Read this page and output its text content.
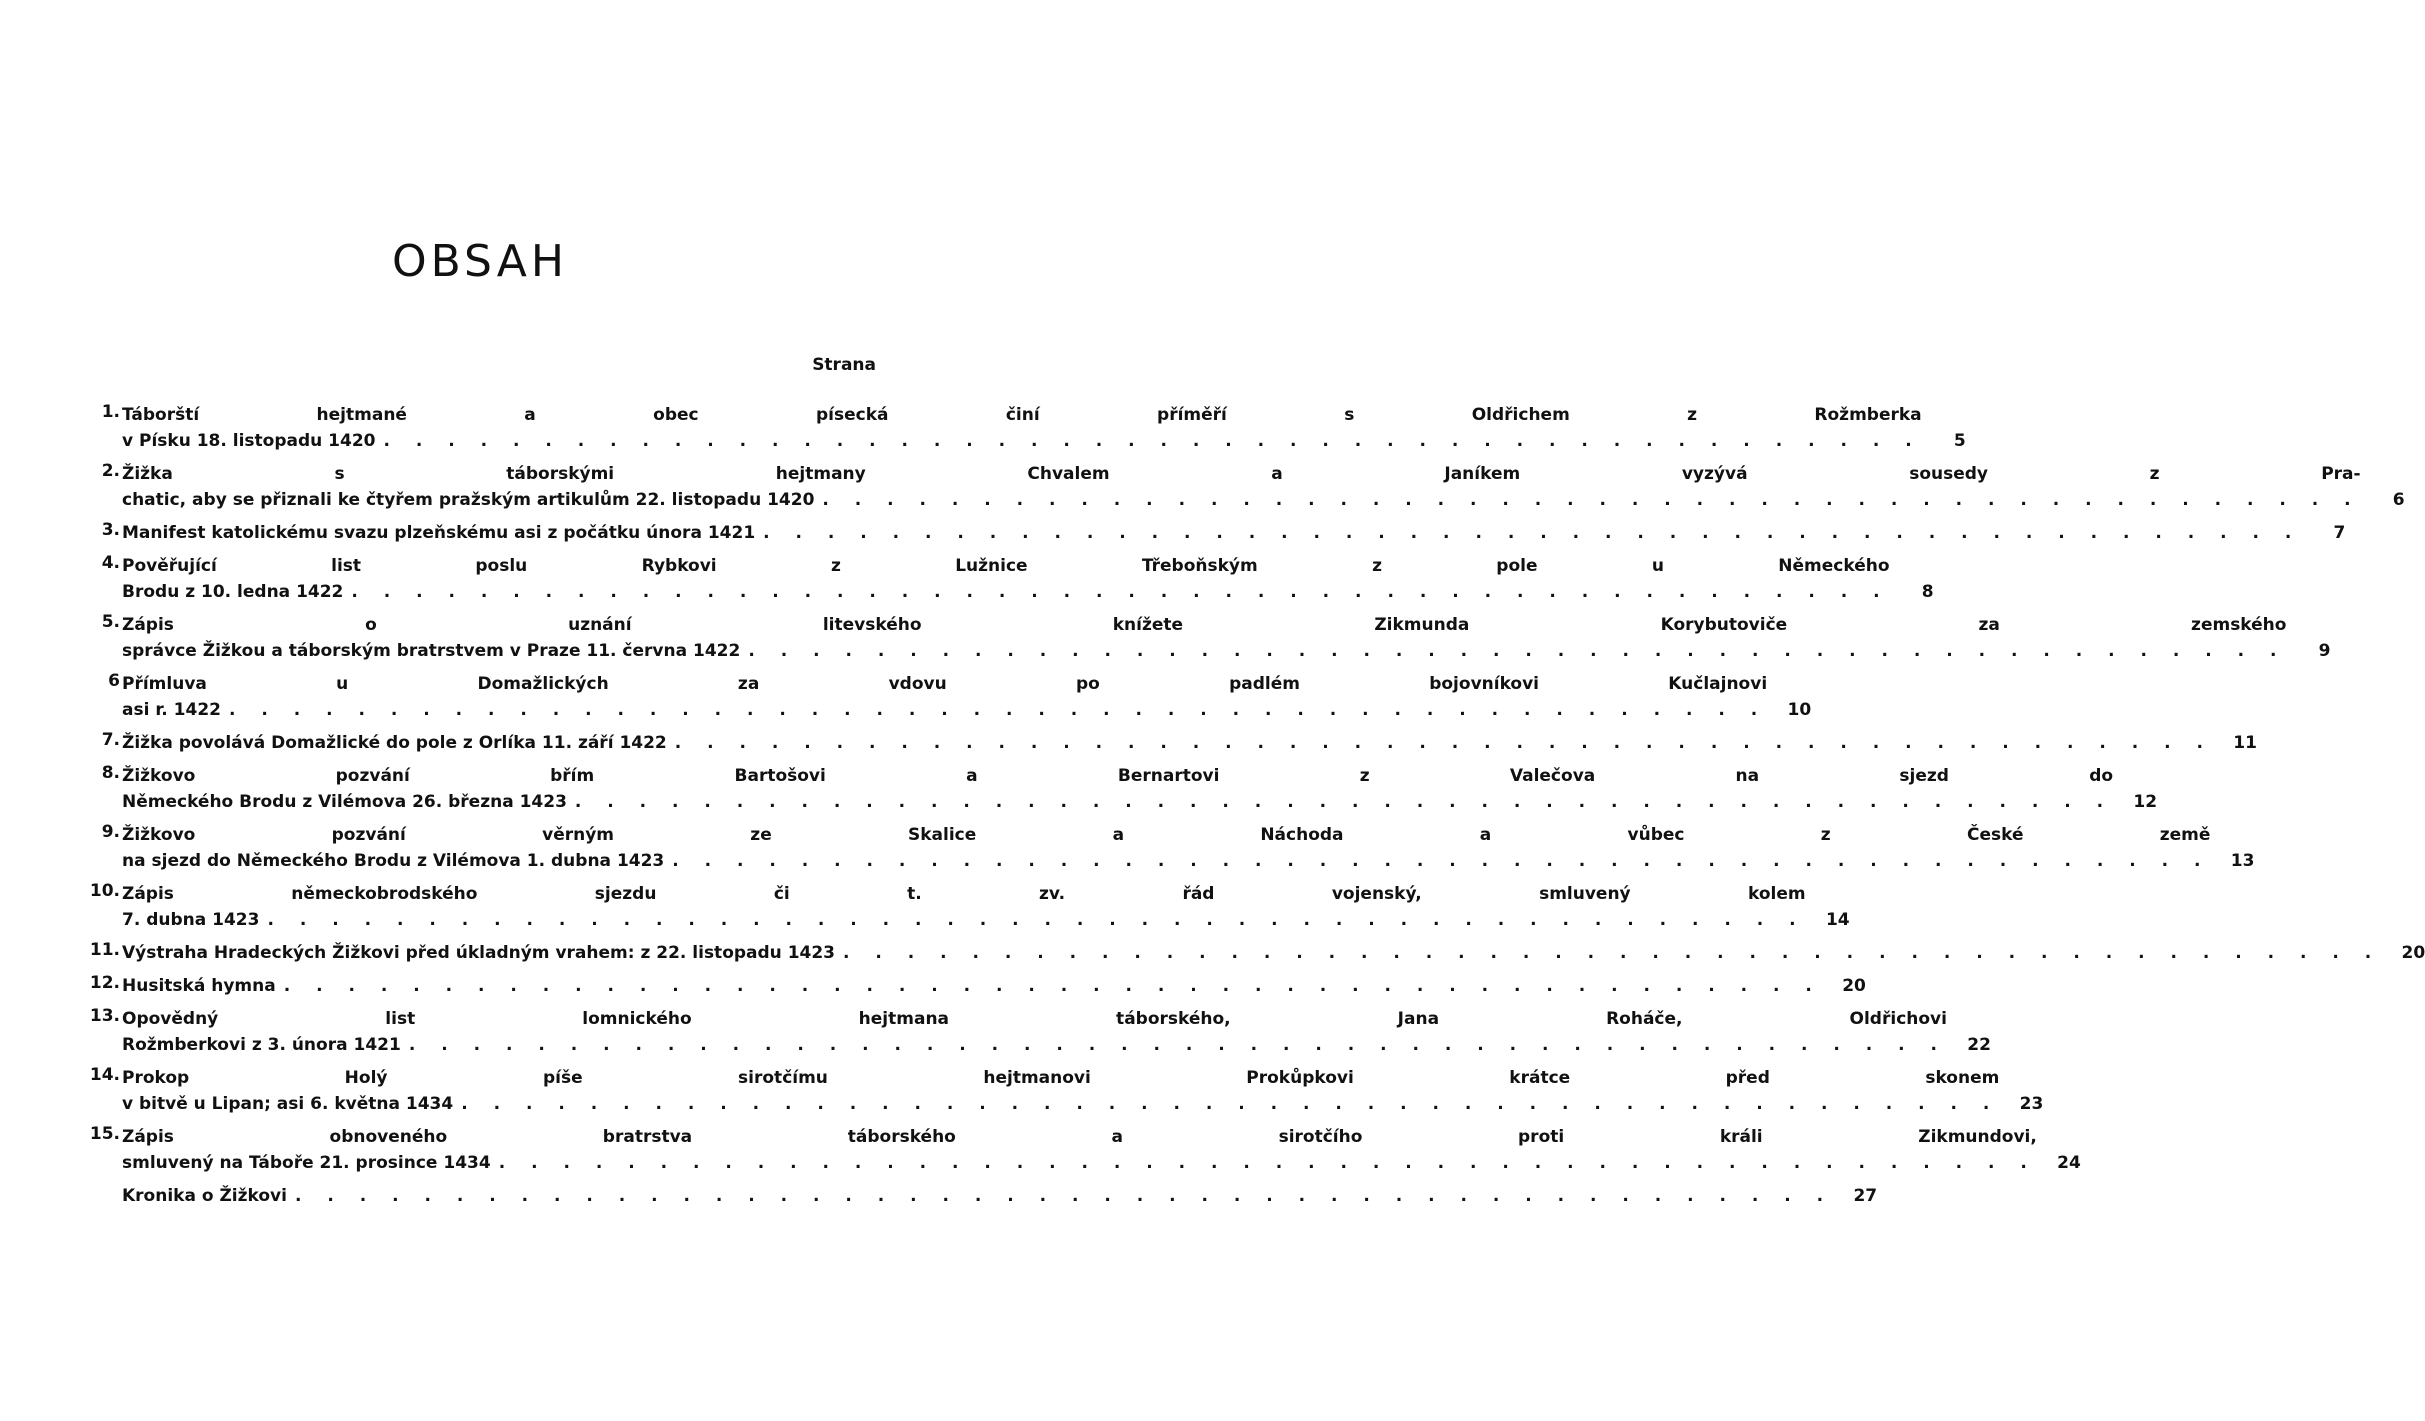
OBSAH
Strana
1. Táborští hejtmané a obec písecká činí příměří s Oldřichem z Rožmberka
v Písku 18. listopadu 1420 . . . . . . . . . . . . . . . . . . . . . . . . . . . . . . . . . . . . . . . . . . . . . . . .	5
2. Žižka s táborskými hejtmany Chvalem a Janíkem vyzývá sousedy z Pra-
chatic, aby se přiznali ke čtyřem pražským artikulům 22. listopadu 1420 . . . . . . . . . . . . . . . . . . . . . . . . . . . . . . . . . . . . . . . . . . . . . . . .	6
3. Manifest katolickému svazu plzeňskému asi z počátku února 1421 . . . . . . . . . . . . . . . . . . . . . . . . . . . . . . . . . . . . . . . . . . . . . . . .	7
4. Pověřující list poslu Rybkovi z Lužnice Třeboňským z pole u Německého
Brodu z 10. ledna 1422 . . . . . . . . . . . . . . . . . . . . . . . . . . . . . . . . . . . . . . . . . . . . . . . .	8
5. Zápis o uznání litevského knížete Zikmunda Korybutoviče za zemského
správce Žižkou a táborským bratrstvem v Praze 11. června 1422 . . . . . . . . . . . . . . . . . . . . . . . . . . . . . . . . . . . . . . . . . . . . . . . .	9
6 Přímluva u Domažlických za vdovu po padlém bojovníkovi Kučlajnovi
asi r. 1422 . . . . . . . . . . . . . . . . . . . . . . . . . . . . . . . . . . . . . . . . . . . . . . . .	10
7. Žižka povolává Domažlické do pole z Orlíka 11. září 1422 . . . . . . . . . . . . . . . . . . . . . . . . . . . . . . . . . . . . . . . . . . . . . . . .	11
8. Žižkovo pozvání břím Bartošovi a Bernartovi z Valečova na sjezd do
Německého Brodu z Vilémova 26. března 1423 . . . . . . . . . . . . . . . . . . . . . . . . . . . . . . . . . . . . . . . . . . . . . . . .	12
9. Žižkovo pozvání věrným ze Skalice a Náchoda a vůbec z České země
na sjezd do Německého Brodu z Vilémova 1. dubna 1423 . . . . . . . . . . . . . . . . . . . . . . . . . . . . . . . . . . . . . . . . . . . . . . . .	13
10. Zápis německobrodského sjezdu či t. zv. řád vojenský, smluvený kolem
7. dubna 1423 . . . . . . . . . . . . . . . . . . . . . . . . . . . . . . . . . . . . . . . . . . . . . . . .	14
11. Výstraha Hradeckých Žižkovi před úkladným vrahem: z 22. listopadu 1423 . . . . . . . . . . . . . . . . . . . . . . . . . . . . . . . . . . . . . . . . . . . . . . . .	20
12. Husitská hymna . . . . . . . . . . . . . . . . . . . . . . . . . . . . . . . . . . . . . . . . . . . . . . . .	20
13. Opovědný list lomnického hejtmana táborského, Jana Roháče, Oldřichovi
Rožmberkovi z 3. února 1421 . . . . . . . . . . . . . . . . . . . . . . . . . . . . . . . . . . . . . . . . . . . . . . . .	22
14. Prokop Holý píše sirotčímu hejtmanovi Prokůpkovi krátce před skonem
v bitvě u Lipan; asi 6. května 1434 . . . . . . . . . . . . . . . . . . . . . . . . . . . . . . . . . . . . . . . . . . . . . . . .	23
15. Zápis obnoveného bratrstva táborského a sirotčího proti králi Zikmundovi,
smluvený na Táboře 21. prosince 1434 . . . . . . . . . . . . . . . . . . . . . . . . . . . . . . . . . . . . . . . . . . . . . . . .	24
Kronika o Žižkovi . . . . . . . . . . . . . . . . . . . . . . . . . . . . . . . . . . . . . . . . . . . . . . . .	27
